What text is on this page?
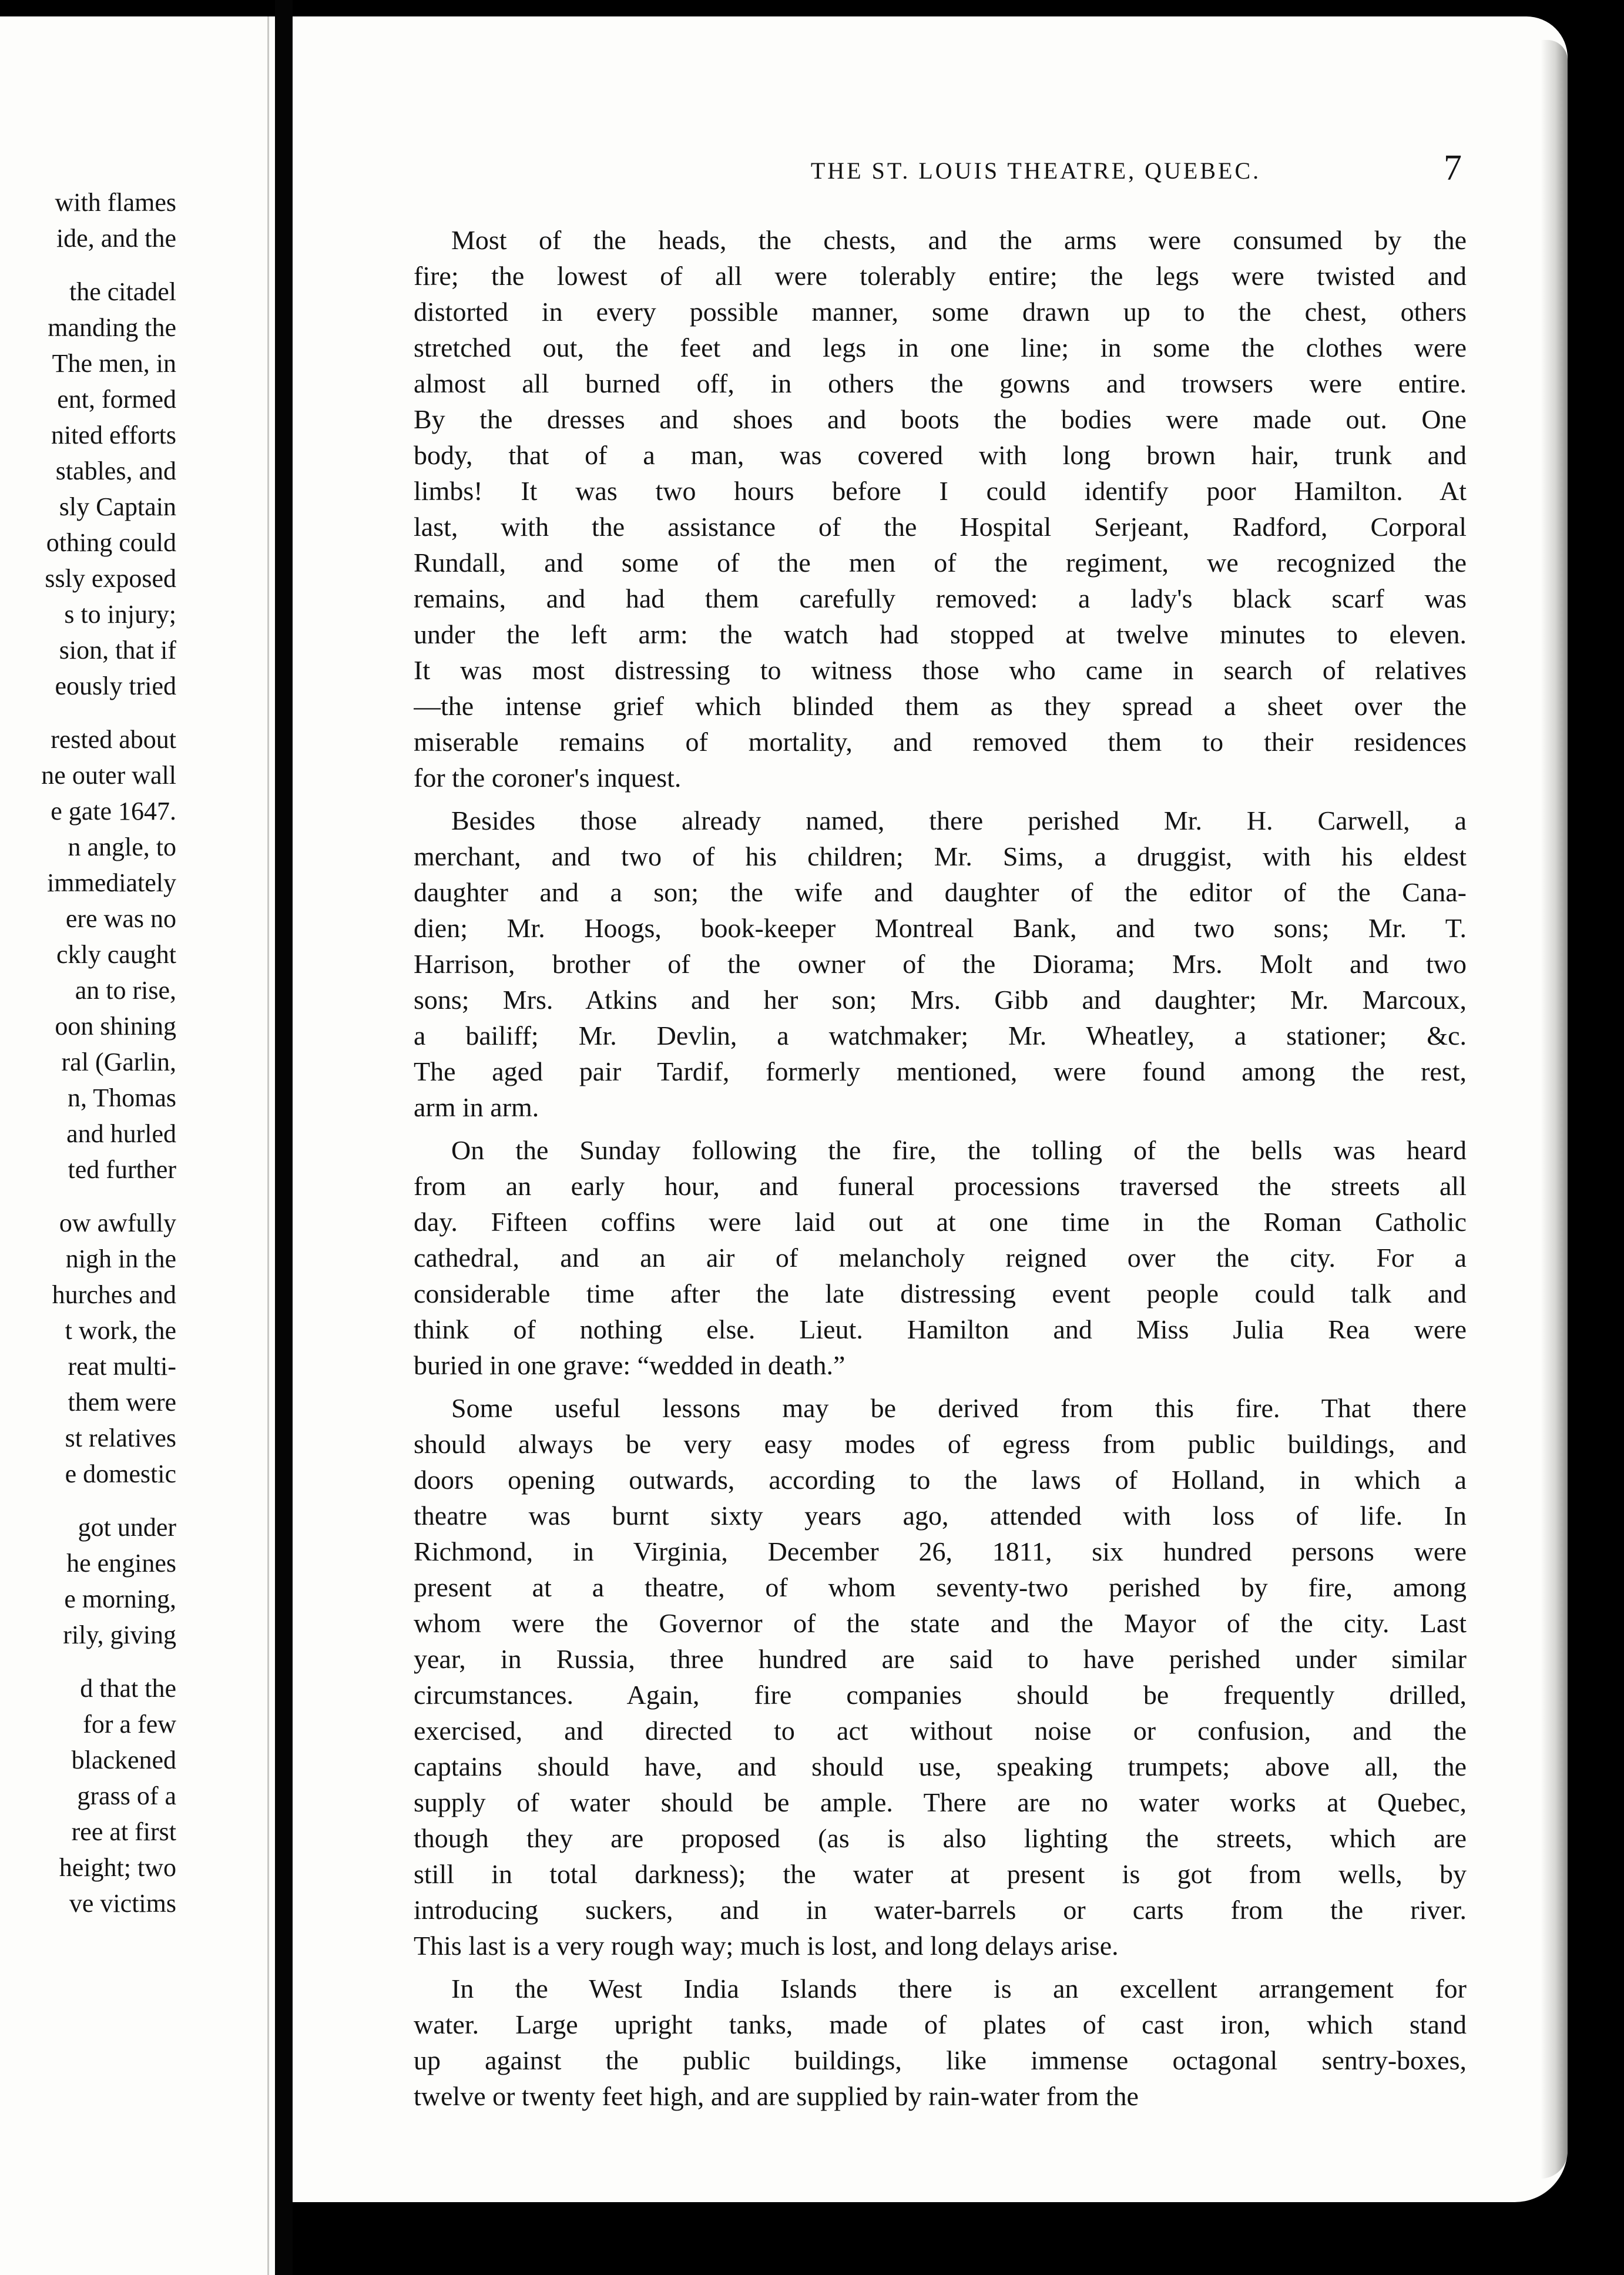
with flames
ide, and the
the citadel
manding the
The men, in
ent, formed
nited efforts
stables, and
sly Captain
othing could
ssly exposed
s to injury;
sion, that if
eously tried
rested about
ne outer wall
e gate 1647.
n angle, to
immediately
ere was no
ckly caught
an to rise,
oon shining
ral (Garlin,
n, Thomas
and hurled
ted further
ow awfully
nigh in the
hurches and
t work, the
reat multi-
them were
st relatives
e domestic
got under
he engines
e morning,
rily, giving
d that the
for a few
blackened
grass of a
ree at first
height; two
ve victims
THE ST. LOUIS THEATRE, QUEBEC.	7
Most of the heads, the chests, and the arms were consumed by the
fire; the lowest of all were tolerably entire; the legs were twisted and
distorted in every possible manner, some drawn up to the chest, others
stretched out, the feet and legs in one line; in some the clothes were
almost all burned off, in others the gowns and trowsers were entire.
By the dresses and shoes and boots the bodies were made out. One
body, that of a man, was covered with long brown hair, trunk and
limbs! It was two hours before I could identify poor Hamilton. At
last, with the assistance of the Hospital Serjeant, Radford, Corporal
Rundall, and some of the men of the regiment, we recognized the
remains, and had them carefully removed: a lady's black scarf was
under the left arm: the watch had stopped at twelve minutes to eleven.
It was most distressing to witness those who came in search of relatives
—the intense grief which blinded them as they spread a sheet over the
miserable remains of mortality, and removed them to their residences
for the coroner's inquest.
Besides those already named, there perished Mr. H. Carwell, a
merchant, and two of his children; Mr. Sims, a druggist, with his eldest
daughter and a son; the wife and daughter of the editor of the Cana-
dien; Mr. Hoogs, book-keeper Montreal Bank, and two sons; Mr. T.
Harrison, brother of the owner of the Diorama; Mrs. Molt and two
sons; Mrs. Atkins and her son; Mrs. Gibb and daughter; Mr. Marcoux,
a bailiff; Mr. Devlin, a watchmaker; Mr. Wheatley, a stationer; &c.
The aged pair Tardif, formerly mentioned, were found among the rest,
arm in arm.
On the Sunday following the fire, the tolling of the bells was heard
from an early hour, and funeral processions traversed the streets all
day. Fifteen coffins were laid out at one time in the Roman Catholic
cathedral, and an air of melancholy reigned over the city. For a
considerable time after the late distressing event people could talk and
think of nothing else. Lieut. Hamilton and Miss Julia Rea were
buried in one grave: “wedded in death.”
Some useful lessons may be derived from this fire. That there
should always be very easy modes of egress from public buildings, and
doors opening outwards, according to the laws of Holland, in which a
theatre was burnt sixty years ago, attended with loss of life. In
Richmond, in Virginia, December 26, 1811, six hundred persons were
present at a theatre, of whom seventy-two perished by fire, among
whom were the Governor of the state and the Mayor of the city. Last
year, in Russia, three hundred are said to have perished under similar
circumstances. Again, fire companies should be frequently drilled,
exercised, and directed to act without noise or confusion, and the
captains should have, and should use, speaking trumpets; above all, the
supply of water should be ample. There are no water works at Quebec,
though they are proposed (as is also lighting the streets, which are
still in total darkness); the water at present is got from wells, by
introducing suckers, and in water-barrels or carts from the river.
This last is a very rough way; much is lost, and long delays arise.
In the West India Islands there is an excellent arrangement for
water. Large upright tanks, made of plates of cast iron, which stand
up against the public buildings, like immense octagonal sentry-boxes,
twelve or twenty feet high, and are supplied by rain-water from the
